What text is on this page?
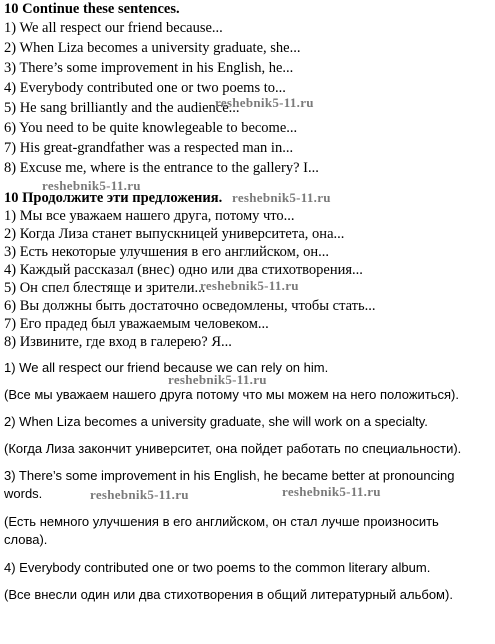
10 Continue these sentences.
1) We all respect our friend because...
2) When Liza becomes a university graduate, she...
3) There’s some improvement in his English, he...
4) Everybody contributed one or two poems to...
5) He sang brilliantly and the audience...
6) You need to be quite knowlegeable to become...
7) His great-grandfather was a respected man in...
8) Excuse me, where is the entrance to the gallery? I...
10 Продолжите эти предложения.
1) Мы все уважаем нашего друга, потому что...
2) Когда Лиза станет выпускницей университета, она...
3) Есть некоторые улучшения в его английском, он...
4) Каждый рассказал (внес) одно или два стихотворения...
5) Он спел блестяще и зрители...
6) Вы должны быть достаточно осведомлены, чтобы стать...
7) Его прадед был уважаемым человеком...
8) Извините, где вход в галерею? Я...
1) We all respect our friend because we can rely on him.
(Все мы уважаем нашего друга потому что мы можем на него положиться).
2) When Liza becomes a university graduate, she will work on a specialty.
(Когда Лиза закончит университет, она пойдет работать по специальности).
3) There’s some improvement in his English, he became better at pronouncing
words.
(Есть немного улучшения в его английском, он стал лучше произносить
слова).
4) Everybody contributed one or two poems to the common literary album.
(Все внесли один или два стихотворения в общий литературный альбом).
reshebnik5-11.ru
reshebnik5-11.ru
reshebnik5-11.ru
reshebnik5-11.ru
reshebnik5-11.ru
reshebnik5-11.ru	reshebnik5-11.ru
